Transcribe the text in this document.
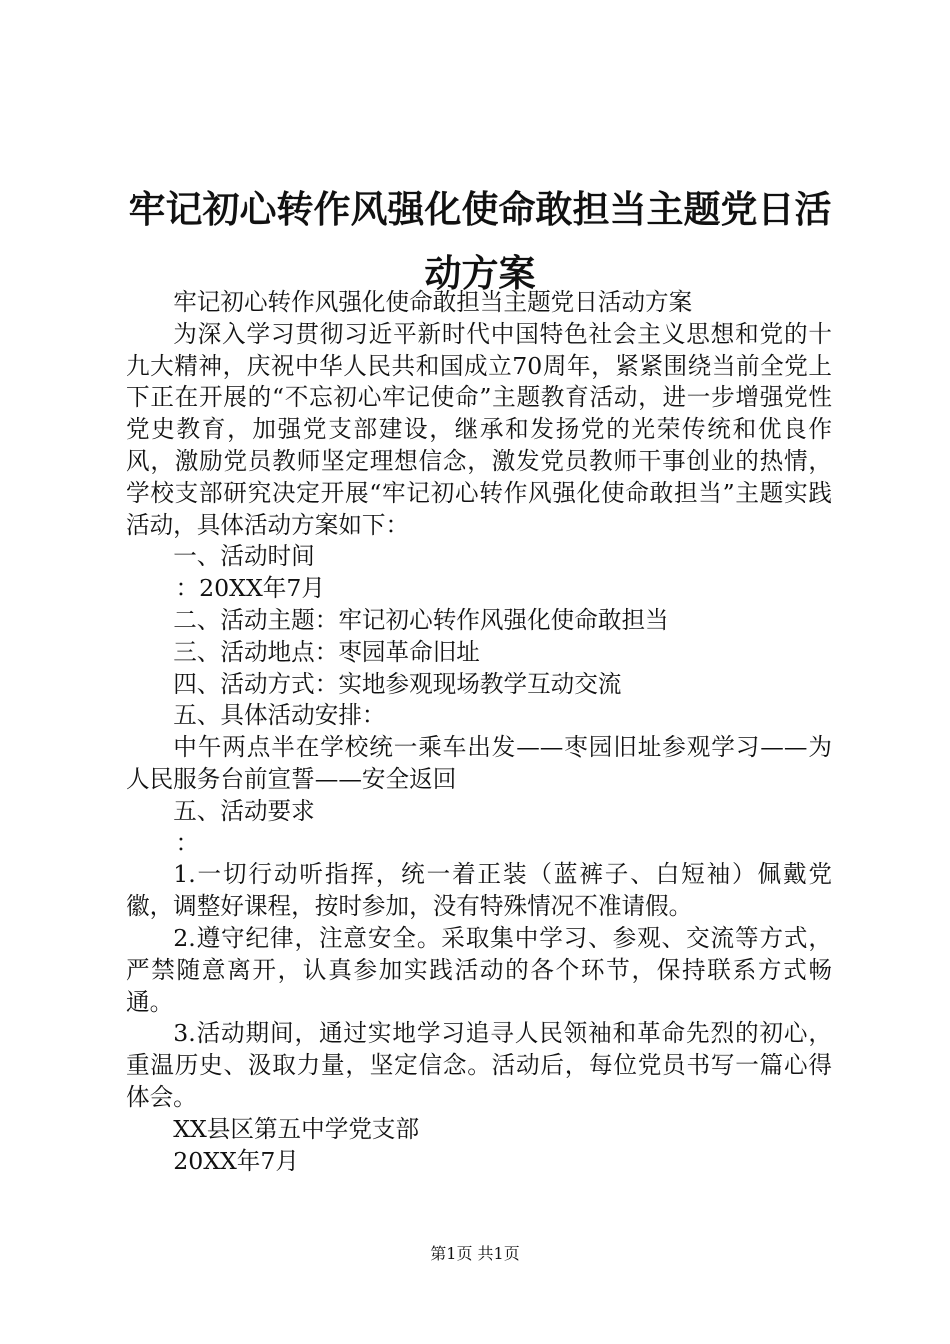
牢记初心转作风强化使命敢担当主题党日活动方案

牢记初心转作风强化使命敢担当主题党日活动方案

为深入学习贯彻习近平新时代中国特色社会主义思想和党的十九大精神，庆祝中华人民共和国成立70周年，紧紧围绕当前全党上下正在开展的“不忘初心牢记使命”主题教育活动，进一步增强党性党史教育，加强党支部建设，继承和发扬党的光荣传统和优良作风，激励党员教师坚定理想信念，激发党员教师干事创业的热情，学校支部研究决定开展“牢记初心转作风强化使命敢担当”主题实践活动，具体活动方案如下：

一、活动时间

：20XX年7月

二、活动主题：牢记初心转作风强化使命敢担当

三、活动地点：枣园革命旧址

四、活动方式：实地参观现场教学互动交流

五、具体活动安排：

中午两点半在学校统一乘车出发——枣园旧址参观学习——为人民服务台前宣誓——安全返回

五、活动要求

：

1.一切行动听指挥，统一着正装（蓝裤子、白短袖）佩戴党徽，调整好课程，按时参加，没有特殊情况不准请假。

2.遵守纪律，注意安全。采取集中学习、参观、交流等方式，严禁随意离开，认真参加实践活动的各个环节，保持联系方式畅通。

3.活动期间，通过实地学习追寻人民领袖和革命先烈的初心，重温历史、汲取力量，坚定信念。活动后，每位党员书写一篇心得体会。

XX县区第五中学党支部

20XX年7月

第1页 共1页
